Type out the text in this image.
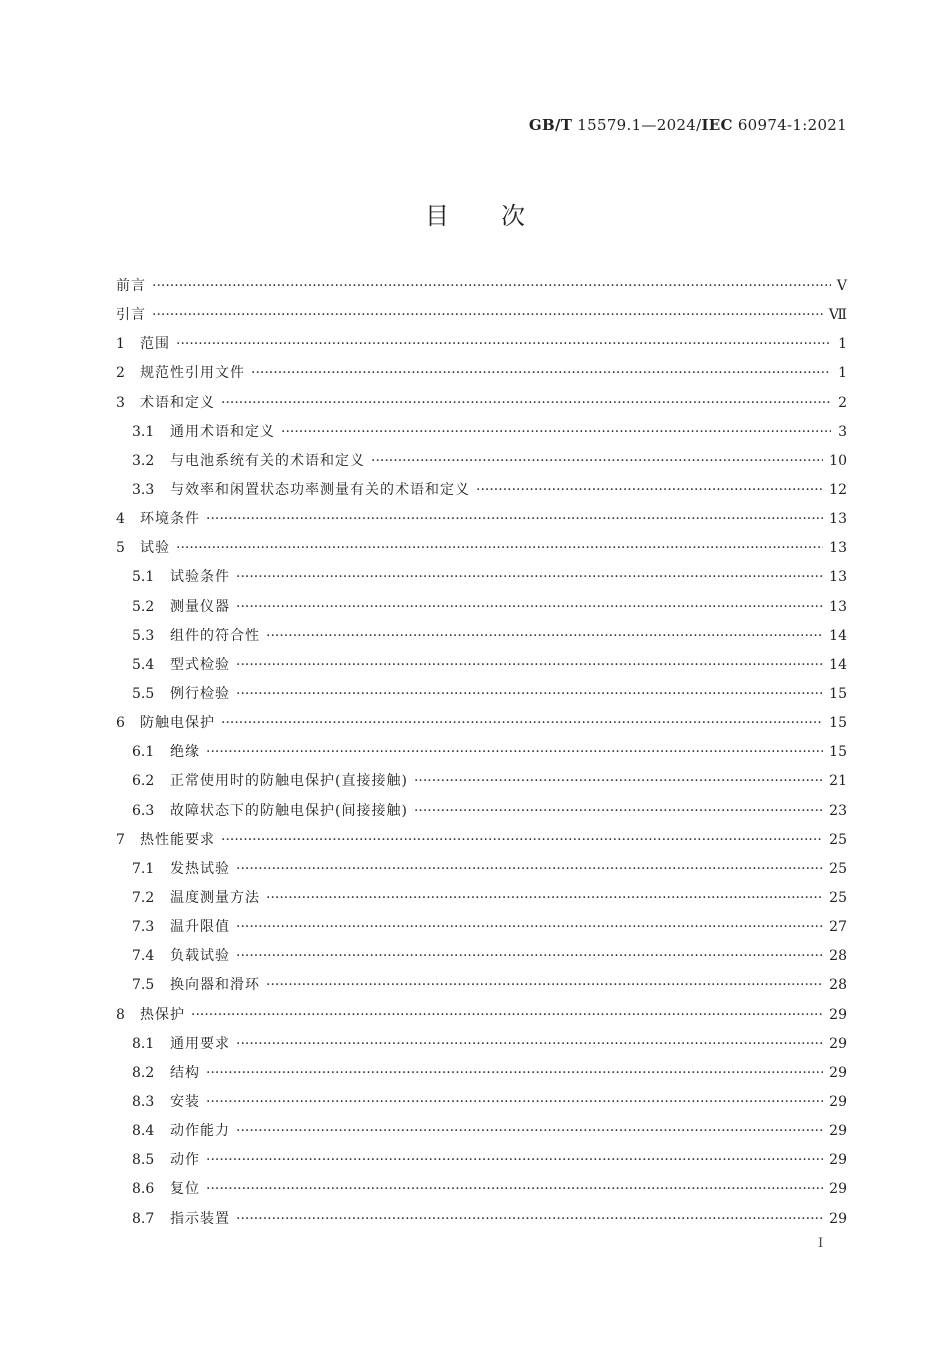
GB/T 15579.1—2024/IEC 60974-1:2021
目次
前言 ·····	Ⅴ
引言 ·····	Ⅶ
1	范围 ·····	1
2	规范性引用文件 ·····	1
3	术语和定义 ·····	2
3.1	通用术语和定义 ·····	3
3.2	与电池系统有关的术语和定义 ·····	10
3.3	与效率和闲置状态功率测量有关的术语和定义 ·····	12
4	环境条件 ·····	13
5	试验 ·····	13
5.1	试验条件 ·····	13
5.2	测量仪器 ·····	13
5.3	组件的符合性 ·····	14
5.4	型式检验 ·····	14
5.5	例行检验 ·····	15
6	防触电保护 ·····	15
6.1	绝缘 ·····	15
6.2	正常使用时的防触电保护(直接接触) ·····	21
6.3	故障状态下的防触电保护(间接接触) ·····	23
7	热性能要求 ·····	25
7.1	发热试验 ·····	25
7.2	温度测量方法 ·····	25
7.3	温升限值 ·····	27
7.4	负载试验 ·····	28
7.5	换向器和滑环 ·····	28
8	热保护 ·····	29
8.1	通用要求 ·····	29
8.2	结构 ·····	29
8.3	安装 ·····	29
8.4	动作能力 ·····	29
8.5	动作 ·····	29
8.6	复位 ·····	29
8.7	指示装置 ·····	29
Ⅰ
